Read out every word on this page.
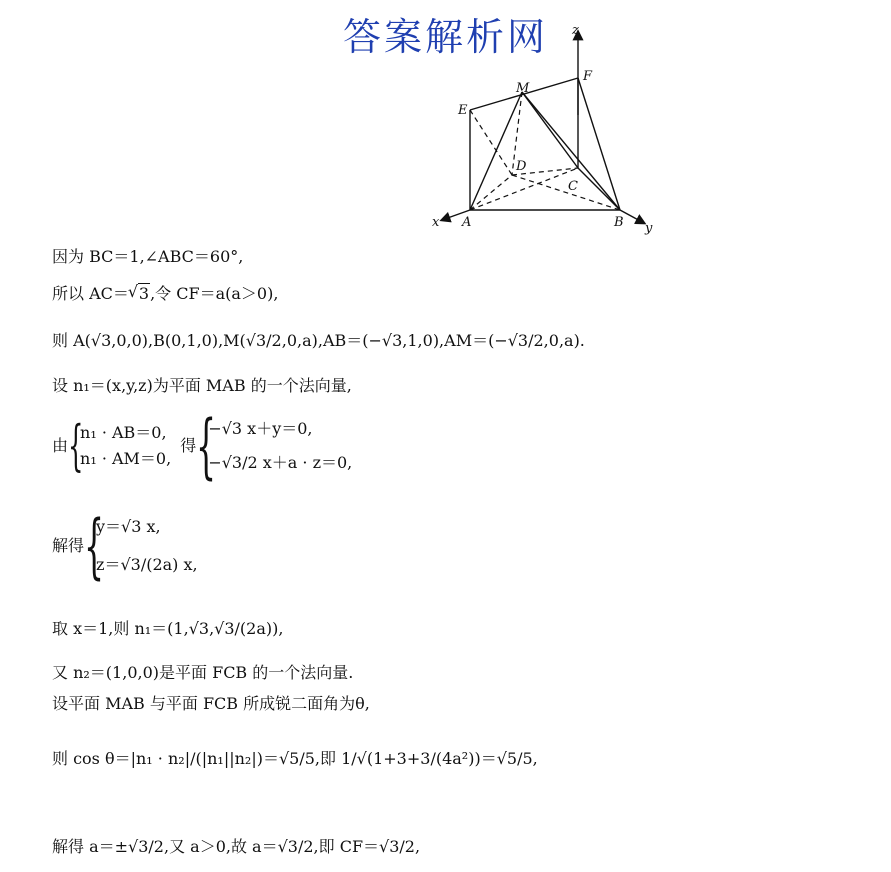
答案解析网	z
x	y
A	B
C
D
E
F
M
因为 BC＝1,∠ABC＝60°,
所以 AC＝√ 3,令 CF＝a(a＞0),
则 A(√3,0,0),B(0,1,0),M(√3/2,0,a),AB＝(−√3,1,0),AM＝(−√3/2,0,a).
设 n₁＝(x,y,z)为平面 MAB 的一个法向量,
由{
n₁ · AB＝0,
n₁ · AM＝0,
得{
−√3 x＋y＝0,
−√3/2 x＋a · z＝0,
解得{
y＝√3 x,
z＝√3/(2a) x,
取 x＝1,则 n₁＝(1,√3,√3/(2a)),
又 n₂＝(1,0,0)是平面 FCB 的一个法向量.
设平面 MAB 与平面 FCB 所成锐二面角为θ,
则 cos θ＝|n₁ · n₂|/(|n₁||n₂|)＝√5/5,即 1/√(1+3+3/(4a²))＝√5/5,
解得 a＝±√3/2,又 a＞0,故 a＝√3/2,即 CF＝√3/2,
